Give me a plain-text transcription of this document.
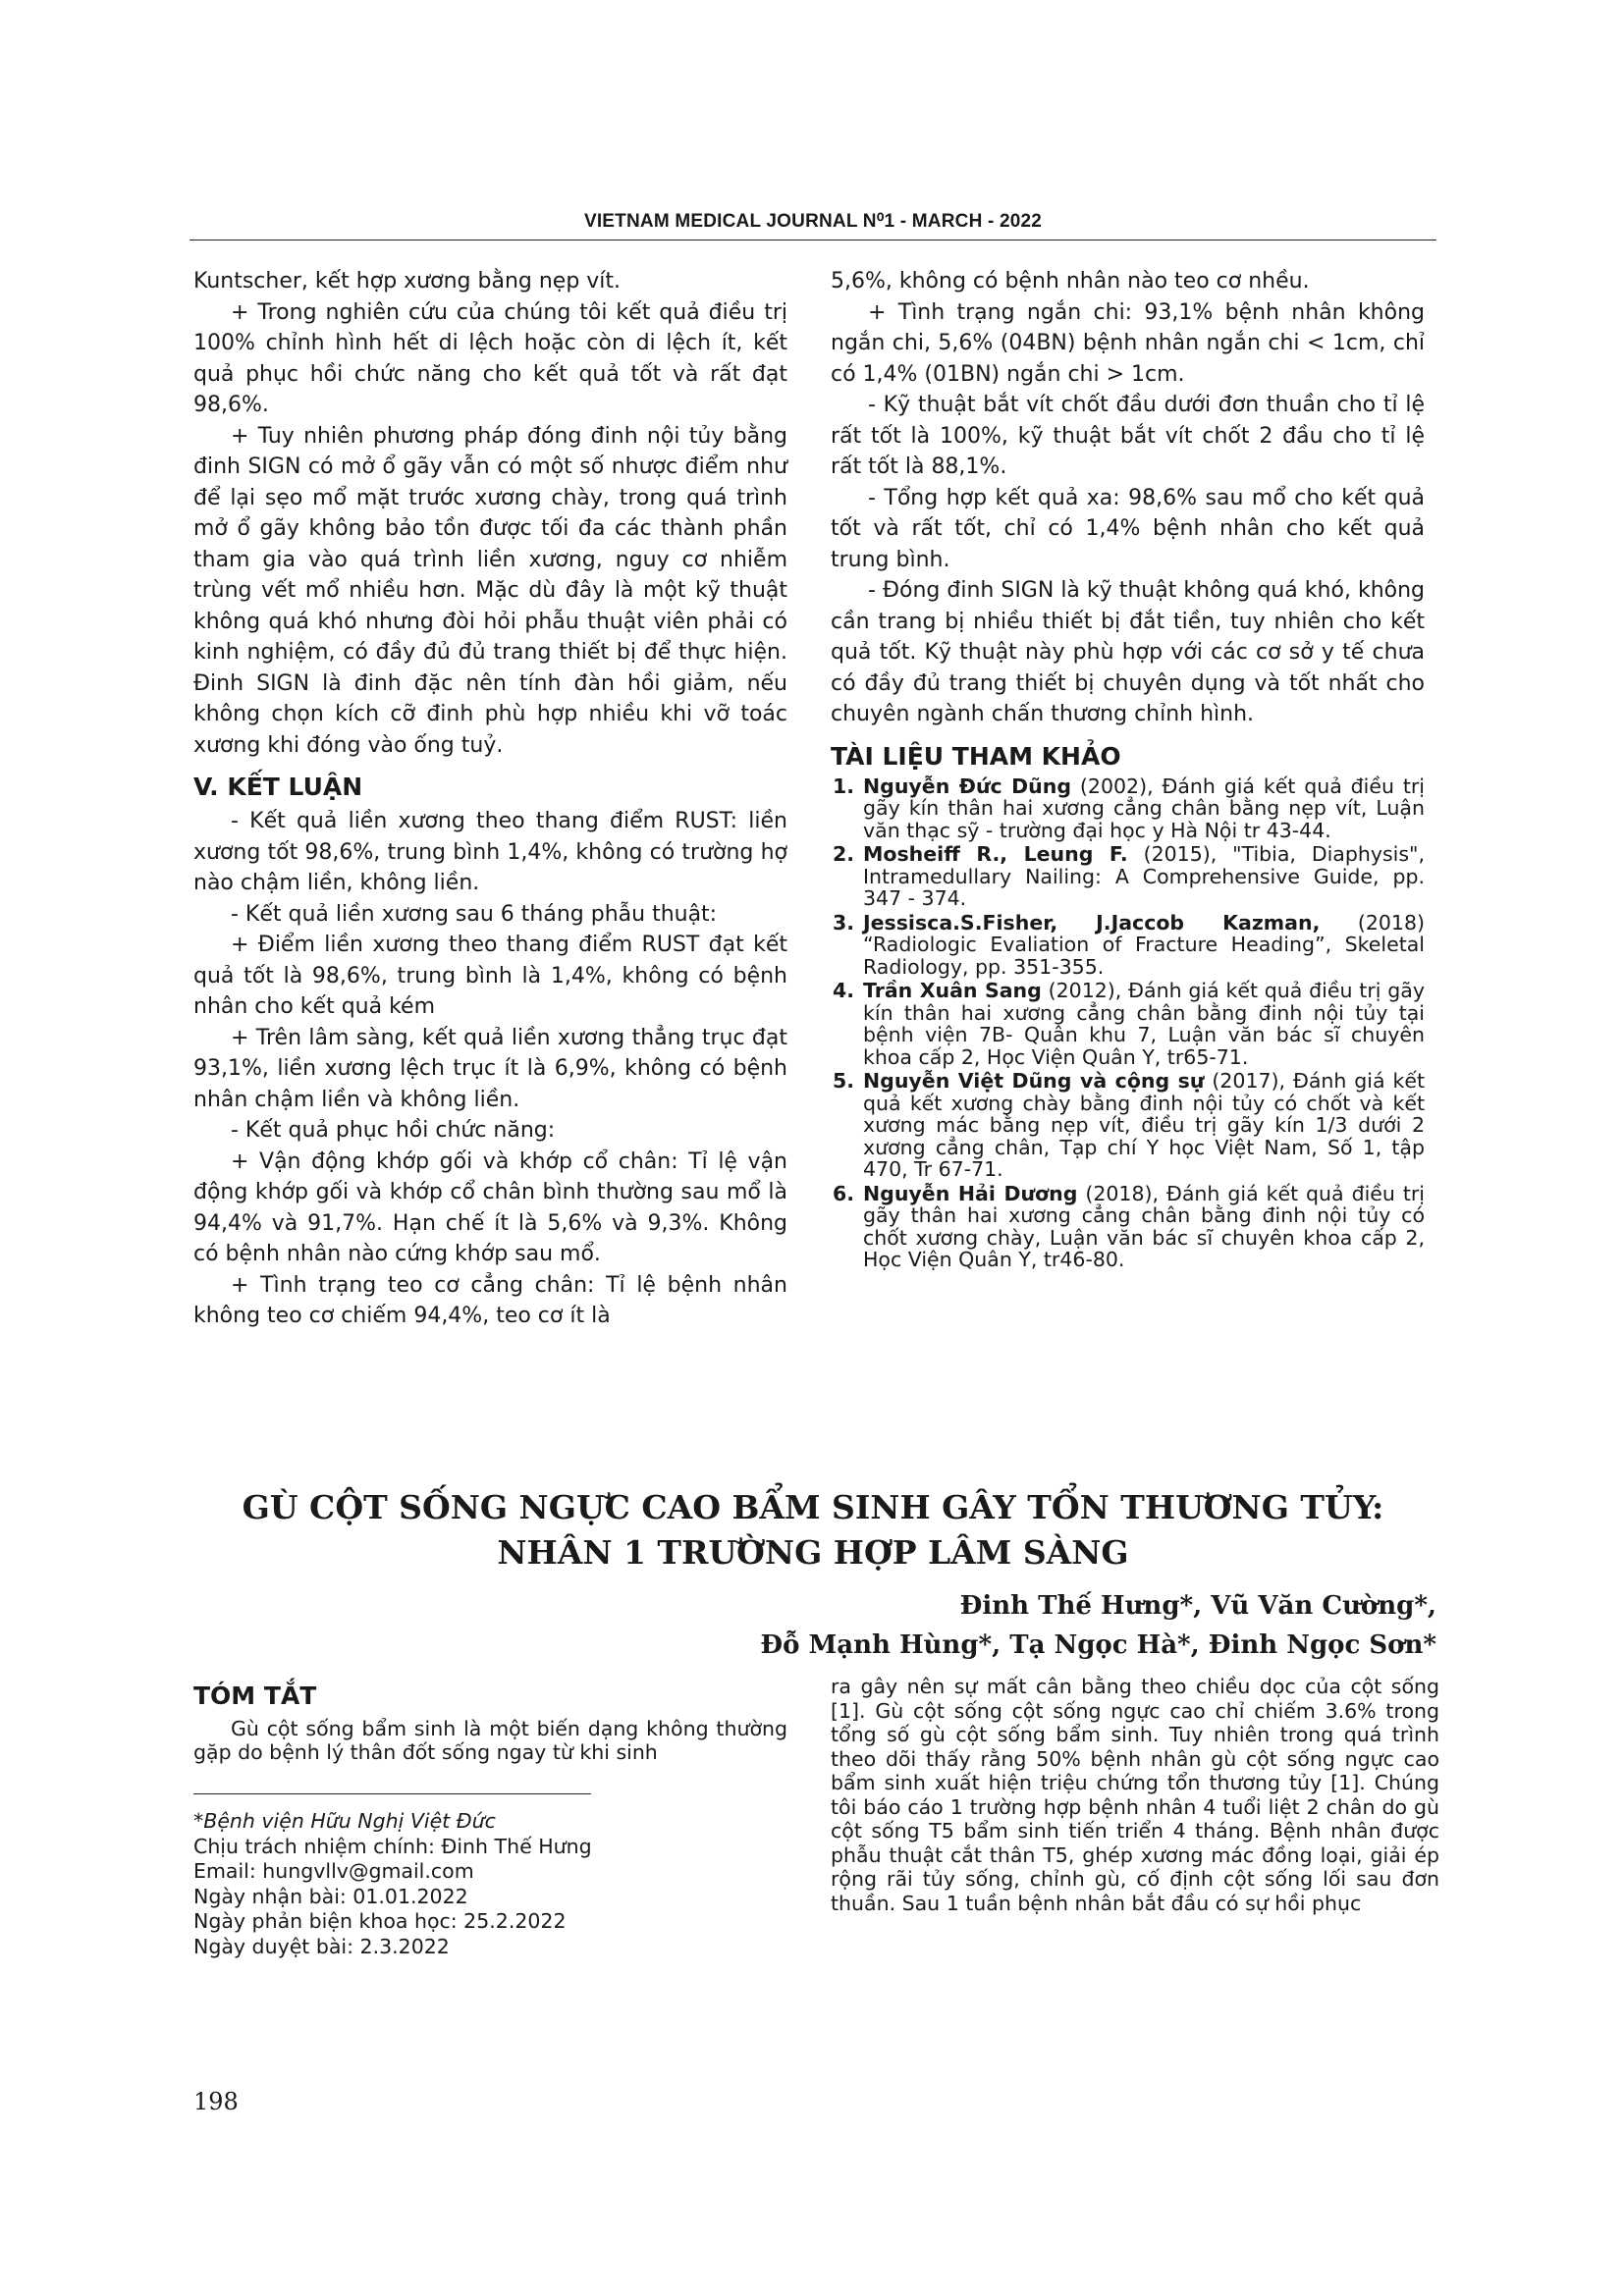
VIETNAM MEDICAL JOURNAL N⁰1 - MARCH - 2022

Kuntscher, kết hợp xương bằng nẹp vít.

+ Trong nghiên cứu của chúng tôi kết quả điều trị 100% chỉnh hình hết di lệch hoặc còn di lệch ít, kết quả phục hồi chức năng cho kết quả tốt và rất đạt 98,6%.

+ Tuy nhiên phương pháp đóng đinh nội tủy bằng đinh SIGN có mở ổ gãy vẫn có một số nhược điểm như để lại sẹo mổ mặt trước xương chày, trong quá trình mở ổ gãy không bảo tồn được tối đa các thành phần tham gia vào quá trình liền xương, nguy cơ nhiễm trùng vết mổ nhiều hơn. Mặc dù đây là một kỹ thuật không quá khó nhưng đòi hỏi phẫu thuật viên phải có kinh nghiệm, có đầy đủ đủ trang thiết bị để thực hiện. Đinh SIGN là đinh đặc nên tính đàn hồi giảm, nếu không chọn kích cỡ đinh phù hợp nhiều khi vỡ toác xương khi đóng vào ống tuỷ.

V. KẾT LUẬN

- Kết quả liền xương theo thang điểm RUST: liền xương tốt 98,6%, trung bình 1,4%, không có trường hợ nào chậm liền, không liền.

- Kết quả liền xương sau 6 tháng phẫu thuật:

+ Điểm liền xương theo thang điểm RUST đạt kết quả tốt là 98,6%, trung bình là 1,4%, không có bệnh nhân cho kết quả kém

+ Trên lâm sàng, kết quả liền xương thẳng trục đạt 93,1%, liền xương lệch trục ít là 6,9%, không có bệnh nhân chậm liền và không liền.

- Kết quả phục hồi chức năng:

+ Vận động khớp gối và khớp cổ chân: Tỉ lệ vận động khớp gối và khớp cổ chân bình thường sau mổ là 94,4% và 91,7%. Hạn chế ít là 5,6% và 9,3%. Không có bệnh nhân nào cứng khớp sau mổ.

+ Tình trạng teo cơ cẳng chân: Tỉ lệ bệnh nhân không teo cơ chiếm 94,4%, teo cơ ít là

5,6%, không có bệnh nhân nào teo cơ nhều.

+ Tình trạng ngắn chi: 93,1% bệnh nhân không ngắn chi, 5,6% (04BN) bệnh nhân ngắn chi < 1cm, chỉ có 1,4% (01BN) ngắn chi > 1cm.

- Kỹ thuật bắt vít chốt đầu dưới đơn thuần cho tỉ lệ rất tốt là 100%, kỹ thuật bắt vít chốt 2 đầu cho tỉ lệ rất tốt là 88,1%.

- Tổng hợp kết quả xa: 98,6% sau mổ cho kết quả tốt và rất tốt, chỉ có 1,4% bệnh nhân cho kết quả trung bình.

- Đóng đinh SIGN là kỹ thuật không quá khó, không cần trang bị nhiều thiết bị đắt tiền, tuy nhiên cho kết quả tốt. Kỹ thuật này phù hợp với các cơ sở y tế chưa có đầy đủ trang thiết bị chuyên dụng và tốt nhất cho chuyên ngành chấn thương chỉnh hình.

TÀI LIỆU THAM KHẢO
1. Nguyễn Đức Dũng (2002), Đánh giá kết quả điều trị gãy kín thân hai xương cẳng chân bằng nẹp vít, Luận văn thạc sỹ - trường đại học y Hà Nội tr 43-44.
2. Mosheiff R., Leung F. (2015), "Tibia, Diaphysis", Intramedullary Nailing: A Comprehensive Guide, pp. 347 - 374.
3. Jessisca.S.Fisher, J.Jaccob Kazman, (2018) “Radiologic Evaliation of Fracture Heading”, Skeletal Radiology, pp. 351-355.
4. Trần Xuân Sang (2012), Đánh giá kết quả điều trị gãy kín thân hai xương cẳng chân bằng đinh nội tủy tại bệnh viện 7B- Quân khu 7, Luận văn bác sĩ chuyên khoa cấp 2, Học Viện Quân Y, tr65-71.
5. Nguyễn Việt Dũng và cộng sự (2017), Đánh giá kết quả kết xương chày bằng đinh nội tủy có chốt và kết xương mác bằng nẹp vít, điều trị gãy kín 1/3 dưới 2 xương cẳng chân, Tạp chí Y học Việt Nam, Số 1, tập 470, Tr 67-71.
6. Nguyễn Hải Dương (2018), Đánh giá kết quả điều trị gãy thân hai xương cẳng chân bằng đinh nội tủy có chốt xương chày, Luận văn bác sĩ chuyên khoa cấp 2, Học Viện Quân Y, tr46-80.
GÙ CỘT SỐNG NGỰC CAO BẨM SINH GÂY TỔN THƯƠNG TỦY:
NHÂN 1 TRƯỜNG HỢP LÂM SÀNG
Đinh Thế Hưng*, Vũ Văn Cường*,
Đỗ Mạnh Hùng*, Tạ Ngọc Hà*, Đinh Ngọc Sơn*
TÓM TẮT

Gù cột sống bẩm sinh là một biến dạng không thường gặp do bệnh lý thân đốt sống ngay từ khi sinh

ra gây nên sự mất cân bằng theo chiều dọc của cột sống [1]. Gù cột sống cột sống ngực cao chỉ chiếm 3.6% trong tổng số gù cột sống bẩm sinh. Tuy nhiên trong quá trình theo dõi thấy rằng 50% bệnh nhân gù cột sống ngực cao bẩm sinh xuất hiện triệu chứng tổn thương tủy [1]. Chúng tôi báo cáo 1 trường hợp bệnh nhân 4 tuổi liệt 2 chân do gù cột sống T5 bẩm sinh tiến triển 4 tháng. Bệnh nhân được phẫu thuật cắt thân T5, ghép xương mác đồng loại, giải ép rộng rãi tủy sống, chỉnh gù, cố định cột sống lối sau đơn thuần. Sau 1 tuần bệnh nhân bắt đầu có sự hồi phục

*Bệnh viện Hữu Nghị Việt Đức
Chịu trách nhiệm chính: Đinh Thế Hưng
Email: hungvllv@gmail.com
Ngày nhận bài: 01.01.2022
Ngày phản biện khoa học: 25.2.2022
Ngày duyệt bài: 2.3.2022
198
